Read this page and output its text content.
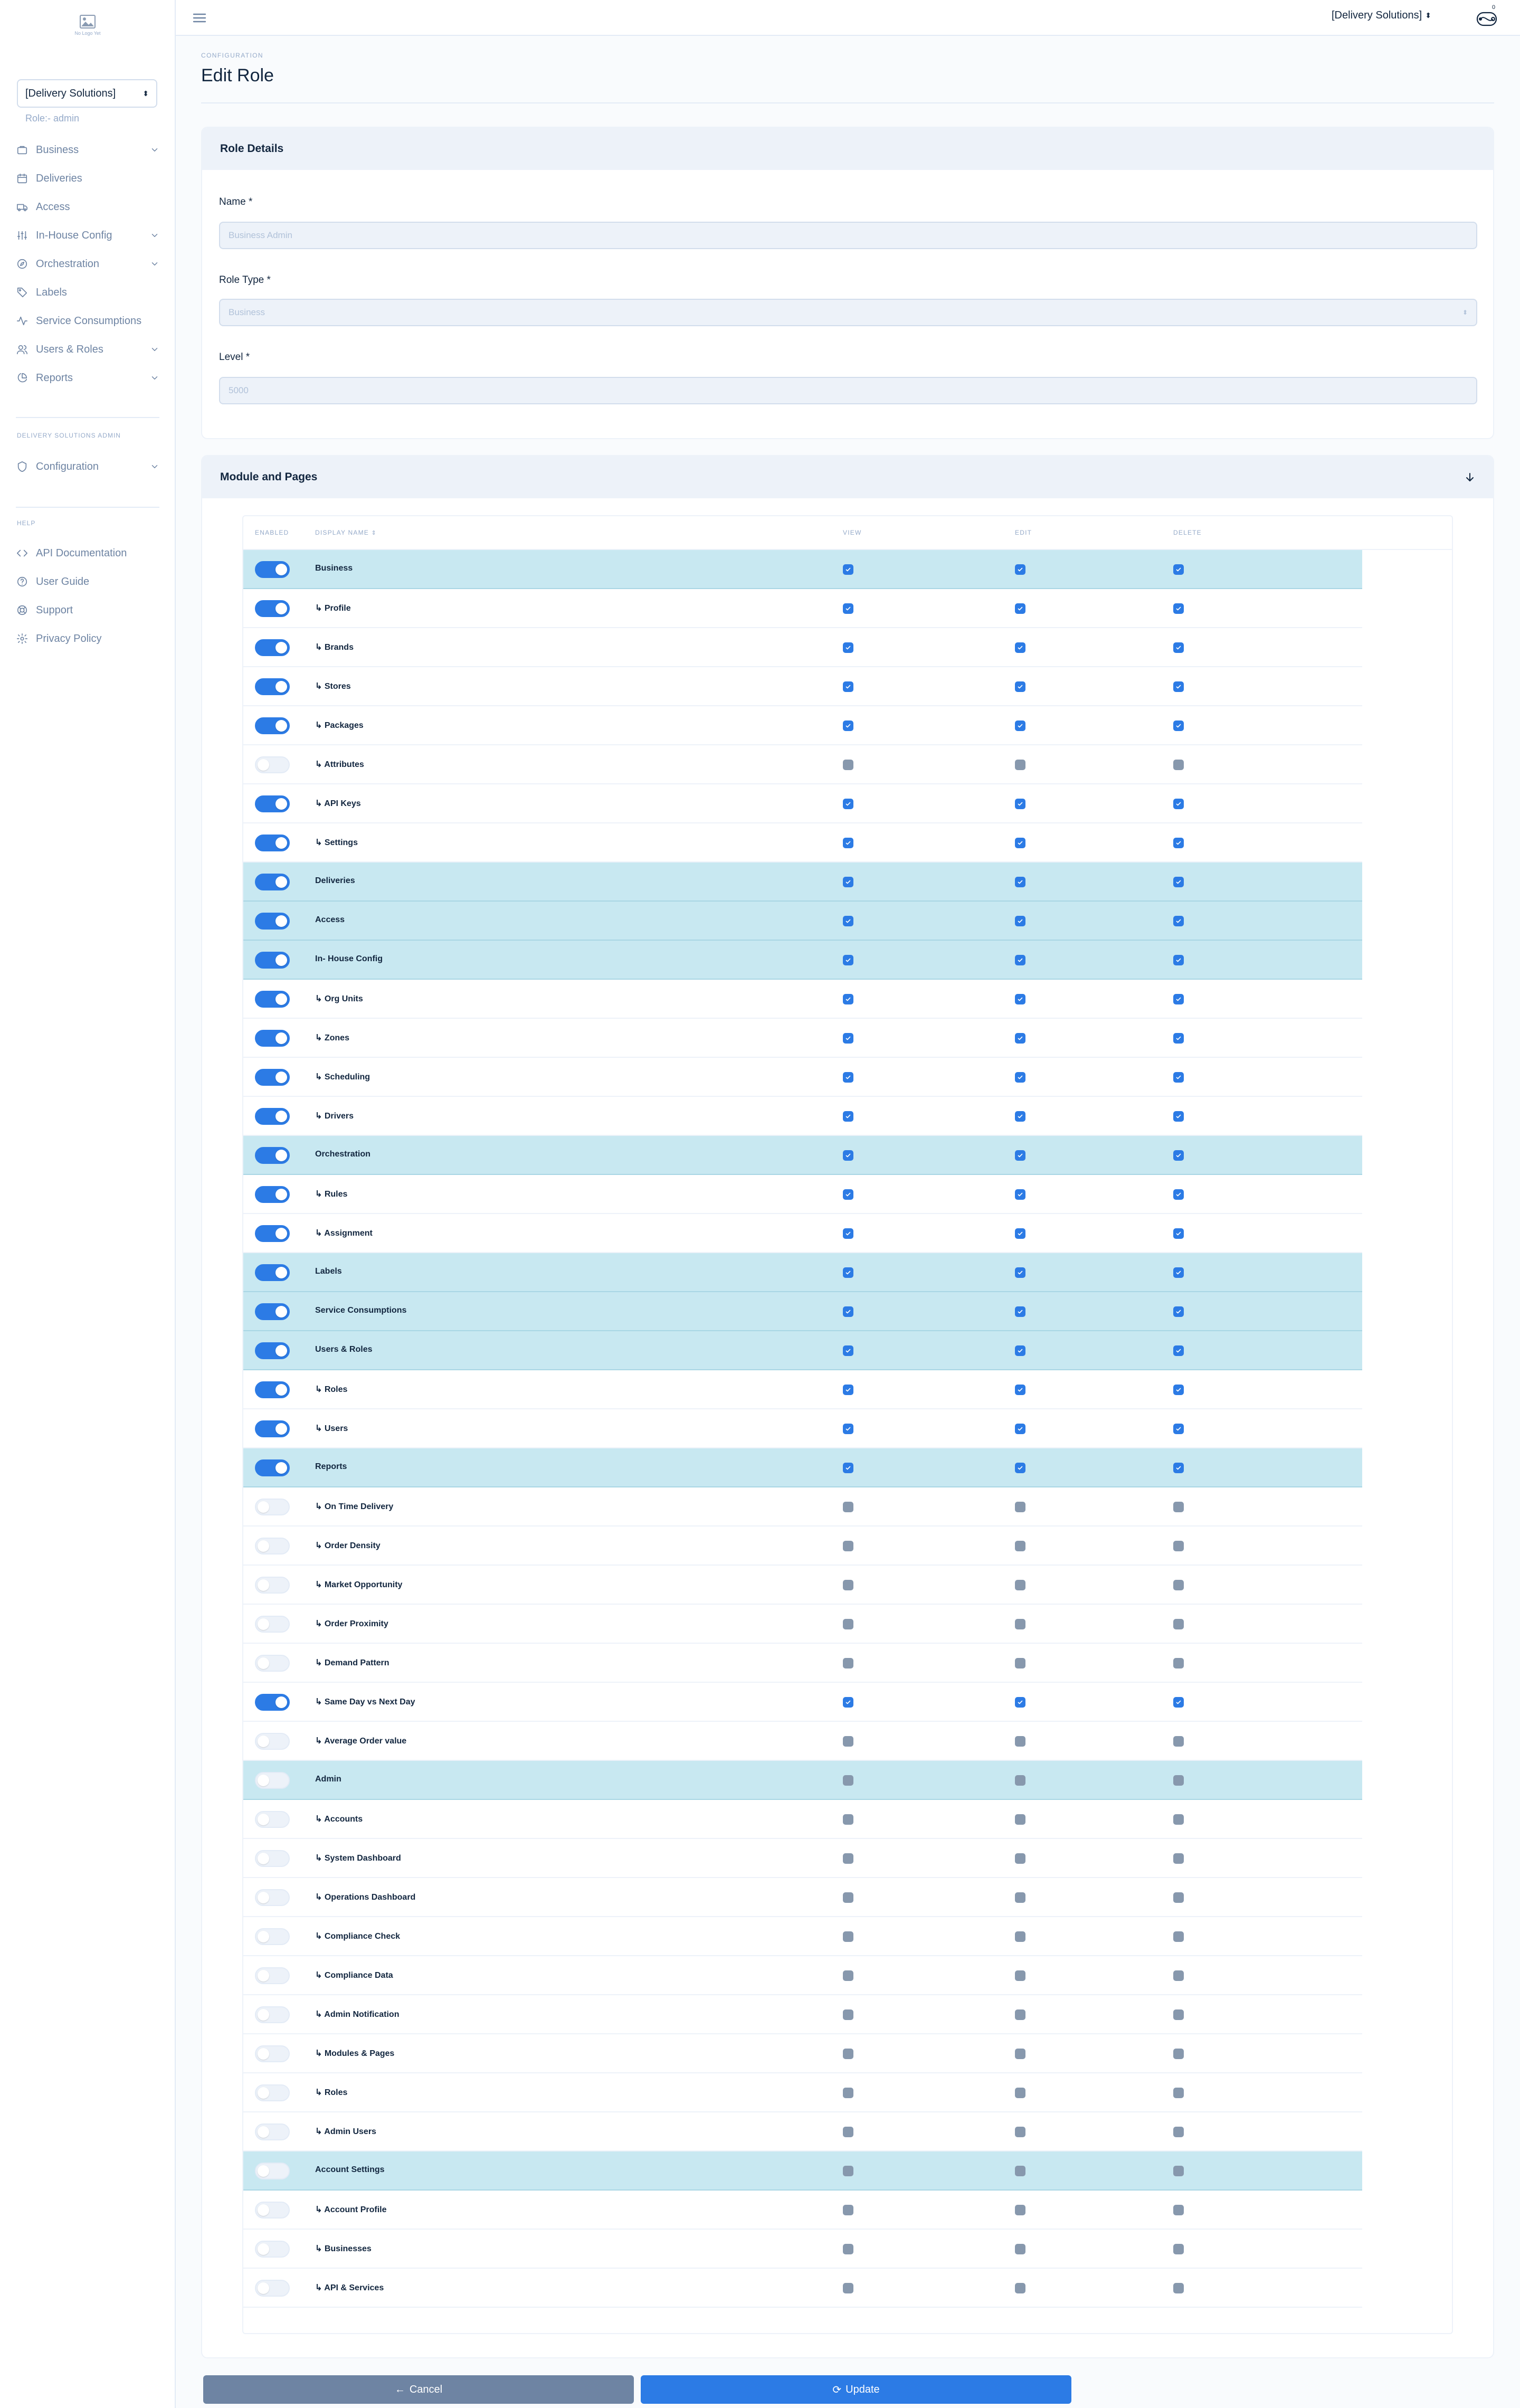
No Logo Yet
[Delivery Solutions]	⬍
Role:- admin
Business
Deliveries
Access
In-House Config
Orchestration
Labels
Service Consumptions
Users & Roles
Reports
DELIVERY SOLUTIONS ADMIN
Configuration
HELP
API Documentation
User Guide
Support
Privacy Policy
[Delivery Solutions] ⬍
0
CONFIGURATION
Edit Role
Role Details
Name *
Business Admin
Role Type *
Business	⬍
Level *
5000
Module and Pages
ENABLED	DISPLAY NAME ⇕	VIEW	EDIT	DELETE
Business
↳ Profile
↳ Brands
↳ Stores
↳ Packages
↳ Attributes
↳ API Keys
↳ Settings
Deliveries
Access
In- House Config
↳ Org Units
↳ Zones
↳ Scheduling
↳ Drivers
Orchestration
↳ Rules
↳ Assignment
Labels
Service Consumptions
Users & Roles
↳ Roles
↳ Users
Reports
↳ On Time Delivery
↳ Order Density
↳ Market Opportunity
↳ Order Proximity
↳ Demand Pattern
↳ Same Day vs Next Day
↳ Average Order value
Admin
↳ Accounts
↳ System Dashboard
↳ Operations Dashboard
↳ Compliance Check
↳ Compliance Data
↳ Admin Notification
↳ Modules & Pages
↳ Roles
↳ Admin Users
Account Settings
↳ Account Profile
↳ Businesses
↳ API & Services
← Cancel	⟳ Update
